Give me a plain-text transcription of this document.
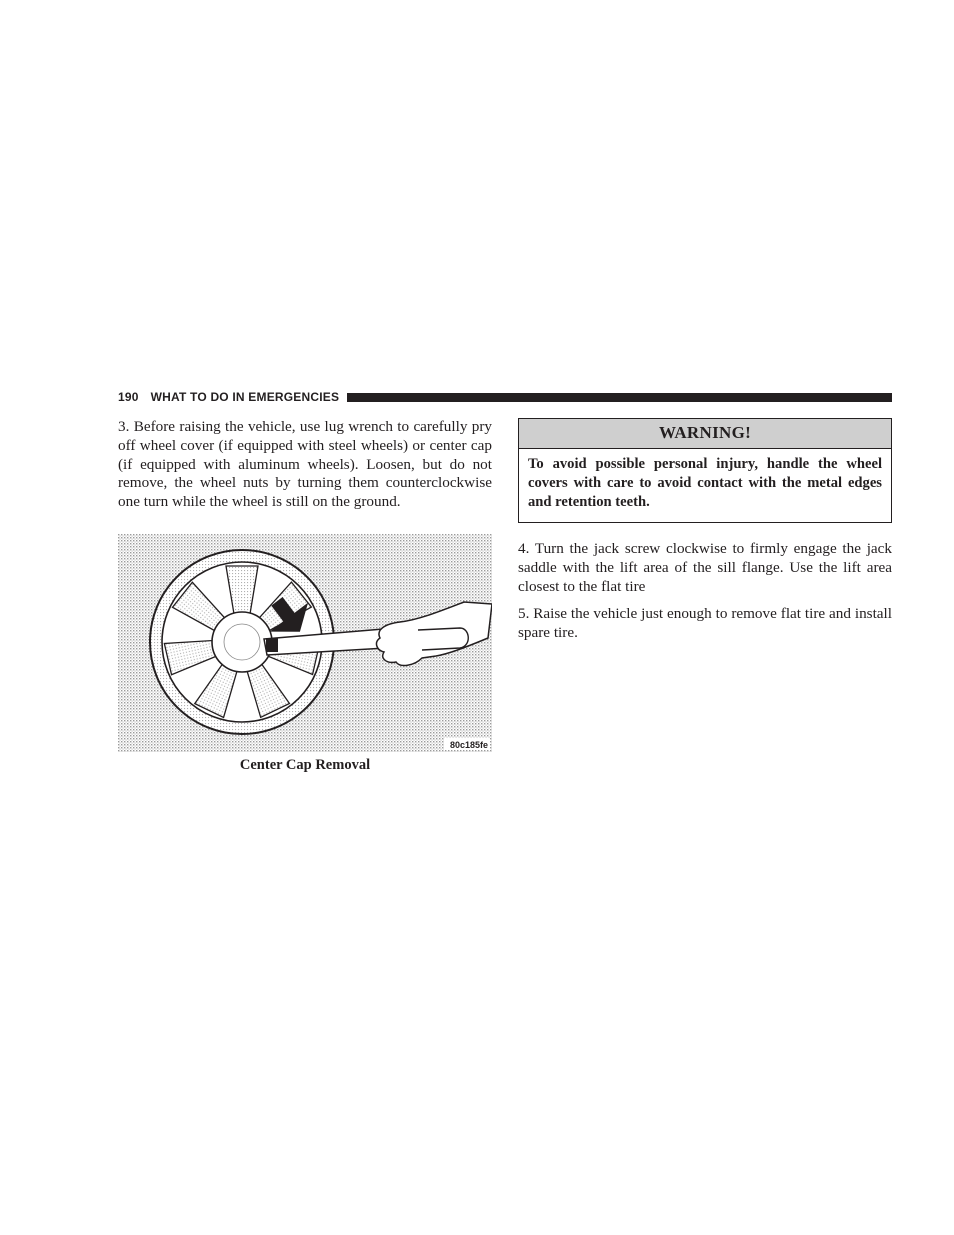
190 WHAT TO DO IN EMERGENCIES

3. Before raising the vehicle, use lug wrench to carefully pry off wheel cover (if equipped with steel wheels) or center cap (if equipped with aluminum wheels). Loosen, but do not remove, the wheel nuts by turning them counterclockwise one turn while the wheel is still on the ground.

80c185fe
Center Cap Removal
WARNING!
To avoid possible personal injury, handle the wheel covers with care to avoid contact with the metal edges and retention teeth.

4. Turn the jack screw clockwise to firmly engage the jack saddle with the lift area of the sill flange. Use the lift area closest to the flat tire

5. Raise the vehicle just enough to remove flat tire and install spare tire.
